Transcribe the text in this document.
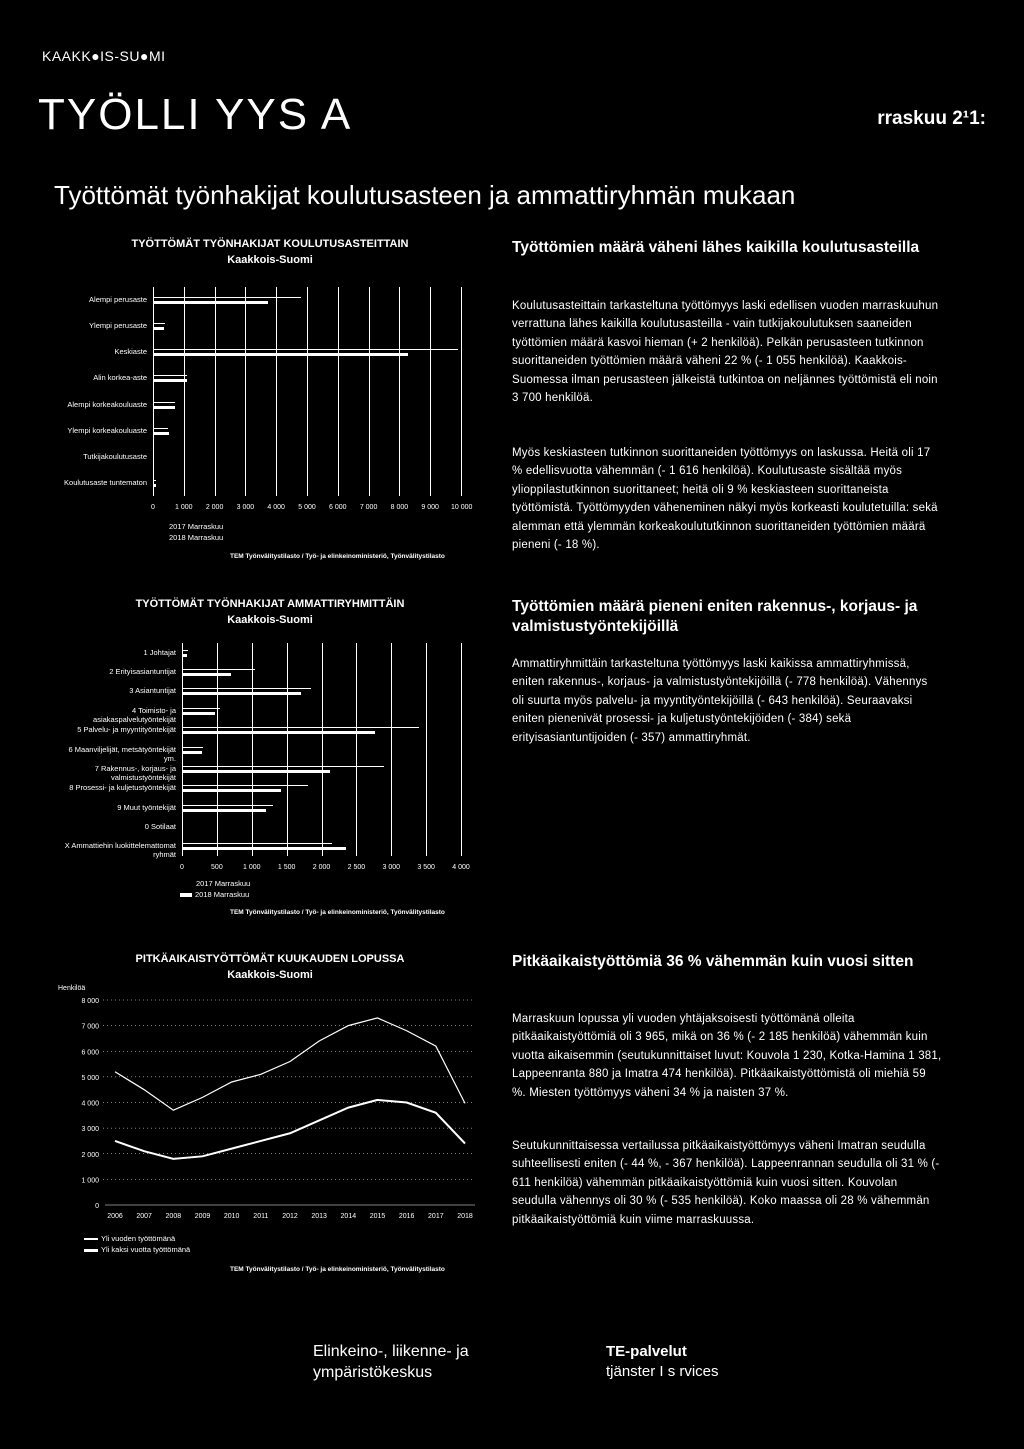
KAAKK●IS-SU●MI
TYÖLLI YYS A	rraskuu 2¹1:
Työttömät työnhakijat koulutusasteen ja ammattiryhmän mukaan
TYÖTTÖMÄT TYÖNHAKIJAT KOULUTUSASTEITTAIN
Kaakkois-Suomi
0	1 000 2 000 3 000 4 000 5 000 6 000 7 000 8 000 9 000 10 000
Alempi perusaste
Ylempi perusaste
Keskiaste
Alin korkea-aste
Alempi korkeakouluaste
Ylempi korkeakouluaste
Tutkijakoulutusaste
Koulutusaste tuntematon
2017 Marraskuu
2018 Marraskuu
TEM Työnvälitystilasto / Työ- ja elinkeinoministeriö, Työnvälitystilasto
TYÖTTÖMÄT TYÖNHAKIJAT AMMATTIRYHMITTÄIN
Kaakkois-Suomi
0	500	1 000 1 500 2 000 2 500 3 000 3 500 4 000
1 Johtajat
2 Erityisasiantuntijat
3 Asiantuntijat
4 Toimisto- ja asiakaspalvelutyöntekijät
5 Palvelu- ja myyntityöntekijät
6 Maanviljelijät, metsätyöntekijät ym.
7 Rakennus-, korjaus- ja valmistustyöntekijät
8 Prosessi- ja kuljetustyöntekijät
9 Muut työntekijät
0 Sotilaat
X Ammattiehin luokittelemattomat ryhmät
2017 Marraskuu
2018 Marraskuu
TEM Työnvälitystilasto / Työ- ja elinkeinoministeriö, Työnvälitystilasto
PITKÄAIKAISTYÖTTÖMÄT KUUKAUDEN LOPUSSA
Kaakkois-Suomi
Henkilöä
8 000
7 000
6 000
5 000
4 000
3 000
2 000
1 000
0
2006 2007 2008 2009 2010 2011 2012 2013 2014 2015 2016 2017 2018
Yli vuoden työttömänä
Yli kaksi vuotta työttömänä
TEM Työnvälitystilasto / Työ- ja elinkeinoministeriö, Työnvälitystilasto
Työttömien määrä väheni lähes kaikilla koulutusasteilla
Koulutusasteittain tarkasteltuna työttömyys laski edellisen vuoden marraskuuhun verrattuna lähes kaikilla koulutusasteilla - vain tutkijakoulutuksen saaneiden työttömien määrä kasvoi hieman (+ 2 henkilöä). Pelkän perusasteen tutkinnon suorittaneiden työttömien määrä väheni 22 % (- 1 055 henkilöä). Kaakkois-Suomessa ilman perusasteen jälkeistä tutkintoa on neljännes työttömistä eli noin 3 700 henkilöä.
Myös keskiasteen tutkinnon suorittaneiden työttömyys on laskussa. Heitä oli 17 % edellisvuotta vähemmän (- 1 616 henkilöä). Koulutusaste sisältää myös ylioppilastutkinnon suorittaneet; heitä oli 9 % keskiasteen suorittaneista työttömistä. Työttömyyden väheneminen näkyi myös korkeasti koulutetuilla: sekä alemman että ylemmän korkeakoulututkinnon suorittaneiden työttömien määrä pieneni (- 18 %).
Työttömien määrä pieneni eniten rakennus-, korjaus- ja valmistustyöntekijöillä
Ammattiryhmittäin tarkasteltuna työttömyys laski kaikissa ammattiryhmissä, eniten rakennus-, korjaus- ja valmistustyöntekijöillä (- 778 henkilöä). Vähennys oli suurta myös palvelu- ja myyntityöntekijöillä (- 643 henkilöä). Seuraavaksi eniten pienenivät prosessi- ja kuljetustyöntekijöiden (- 384) sekä erityisasiantuntijoiden (- 357) ammattiryhmät.
Pitkäaikaistyöttömiä 36 % vähemmän kuin vuosi sitten
Marraskuun lopussa yli vuoden yhtäjaksoisesti työttömänä olleita pitkäaikaistyöttömiä oli 3 965, mikä on 36 % (- 2 185 henkilöä) vähemmän kuin vuotta aikaisemmin (seutukunnittaiset luvut: Kouvola 1 230, Kotka-Hamina 1 381, Lappeenranta 880 ja Imatra 474 henkilöä). Pitkäaikaistyöttömistä oli miehiä 59 %. Miesten työttömyys väheni 34 % ja naisten 37 %.
Seutukunnittaisessa vertailussa pitkäaikaistyöttömyys väheni Imatran seudulla suhteellisesti eniten (- 44 %, - 367 henkilöä). Lappeenrannan seudulla oli 31 % (- 611 henkilöä) vähemmän pitkäaikaistyöttömiä kuin vuosi sitten. Kouvolan seudulla vähennys oli 30 % (- 535 henkilöä). Koko maassa oli 28 % vähemmän pitkäaikaistyöttömiä kuin viime marraskuussa.
Elinkeino-, liikenne- ja
ympäristökeskus
TE-palvelut
tjänster I s rvices
